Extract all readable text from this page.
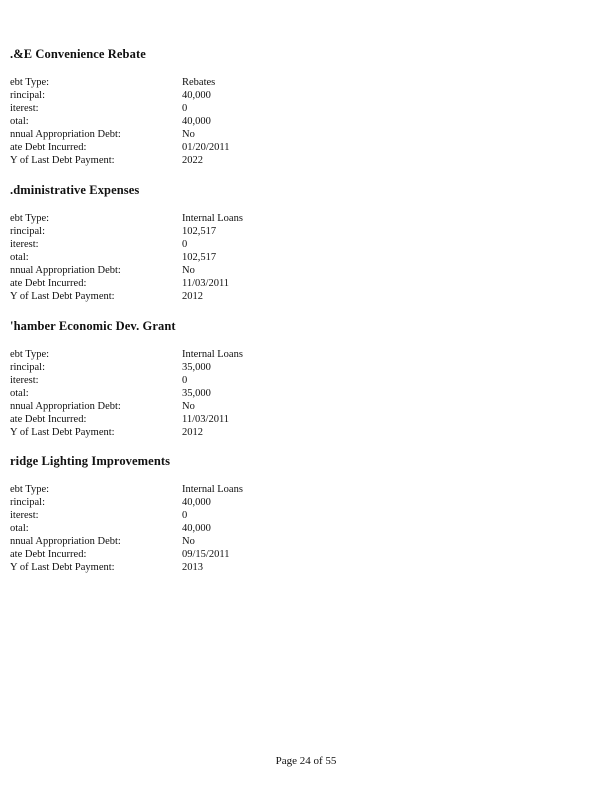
.&E Convenience Rebate
ebt Type:	Rebates
rincipal:	40,000
iterest:	0
otal:	40,000
nnual Appropriation Debt:	No
ate Debt Incurred:	01/20/2011
Y of Last Debt Payment:	2022
.dministrative Expenses
ebt Type:	Internal Loans
rincipal:	102,517
iterest:	0
otal:	102,517
nnual Appropriation Debt:	No
ate Debt Incurred:	11/03/2011
Y of Last Debt Payment:	2012
'hamber Economic Dev. Grant
ebt Type:	Internal Loans
rincipal:	35,000
iterest:	0
otal:	35,000
nnual Appropriation Debt:	No
ate Debt Incurred:	11/03/2011
Y of Last Debt Payment:	2012
ridge Lighting Improvements
ebt Type:	Internal Loans
rincipal:	40,000
iterest:	0
otal:	40,000
nnual Appropriation Debt:	No
ate Debt Incurred:	09/15/2011
Y of Last Debt Payment:	2013
Page 24 of 55
